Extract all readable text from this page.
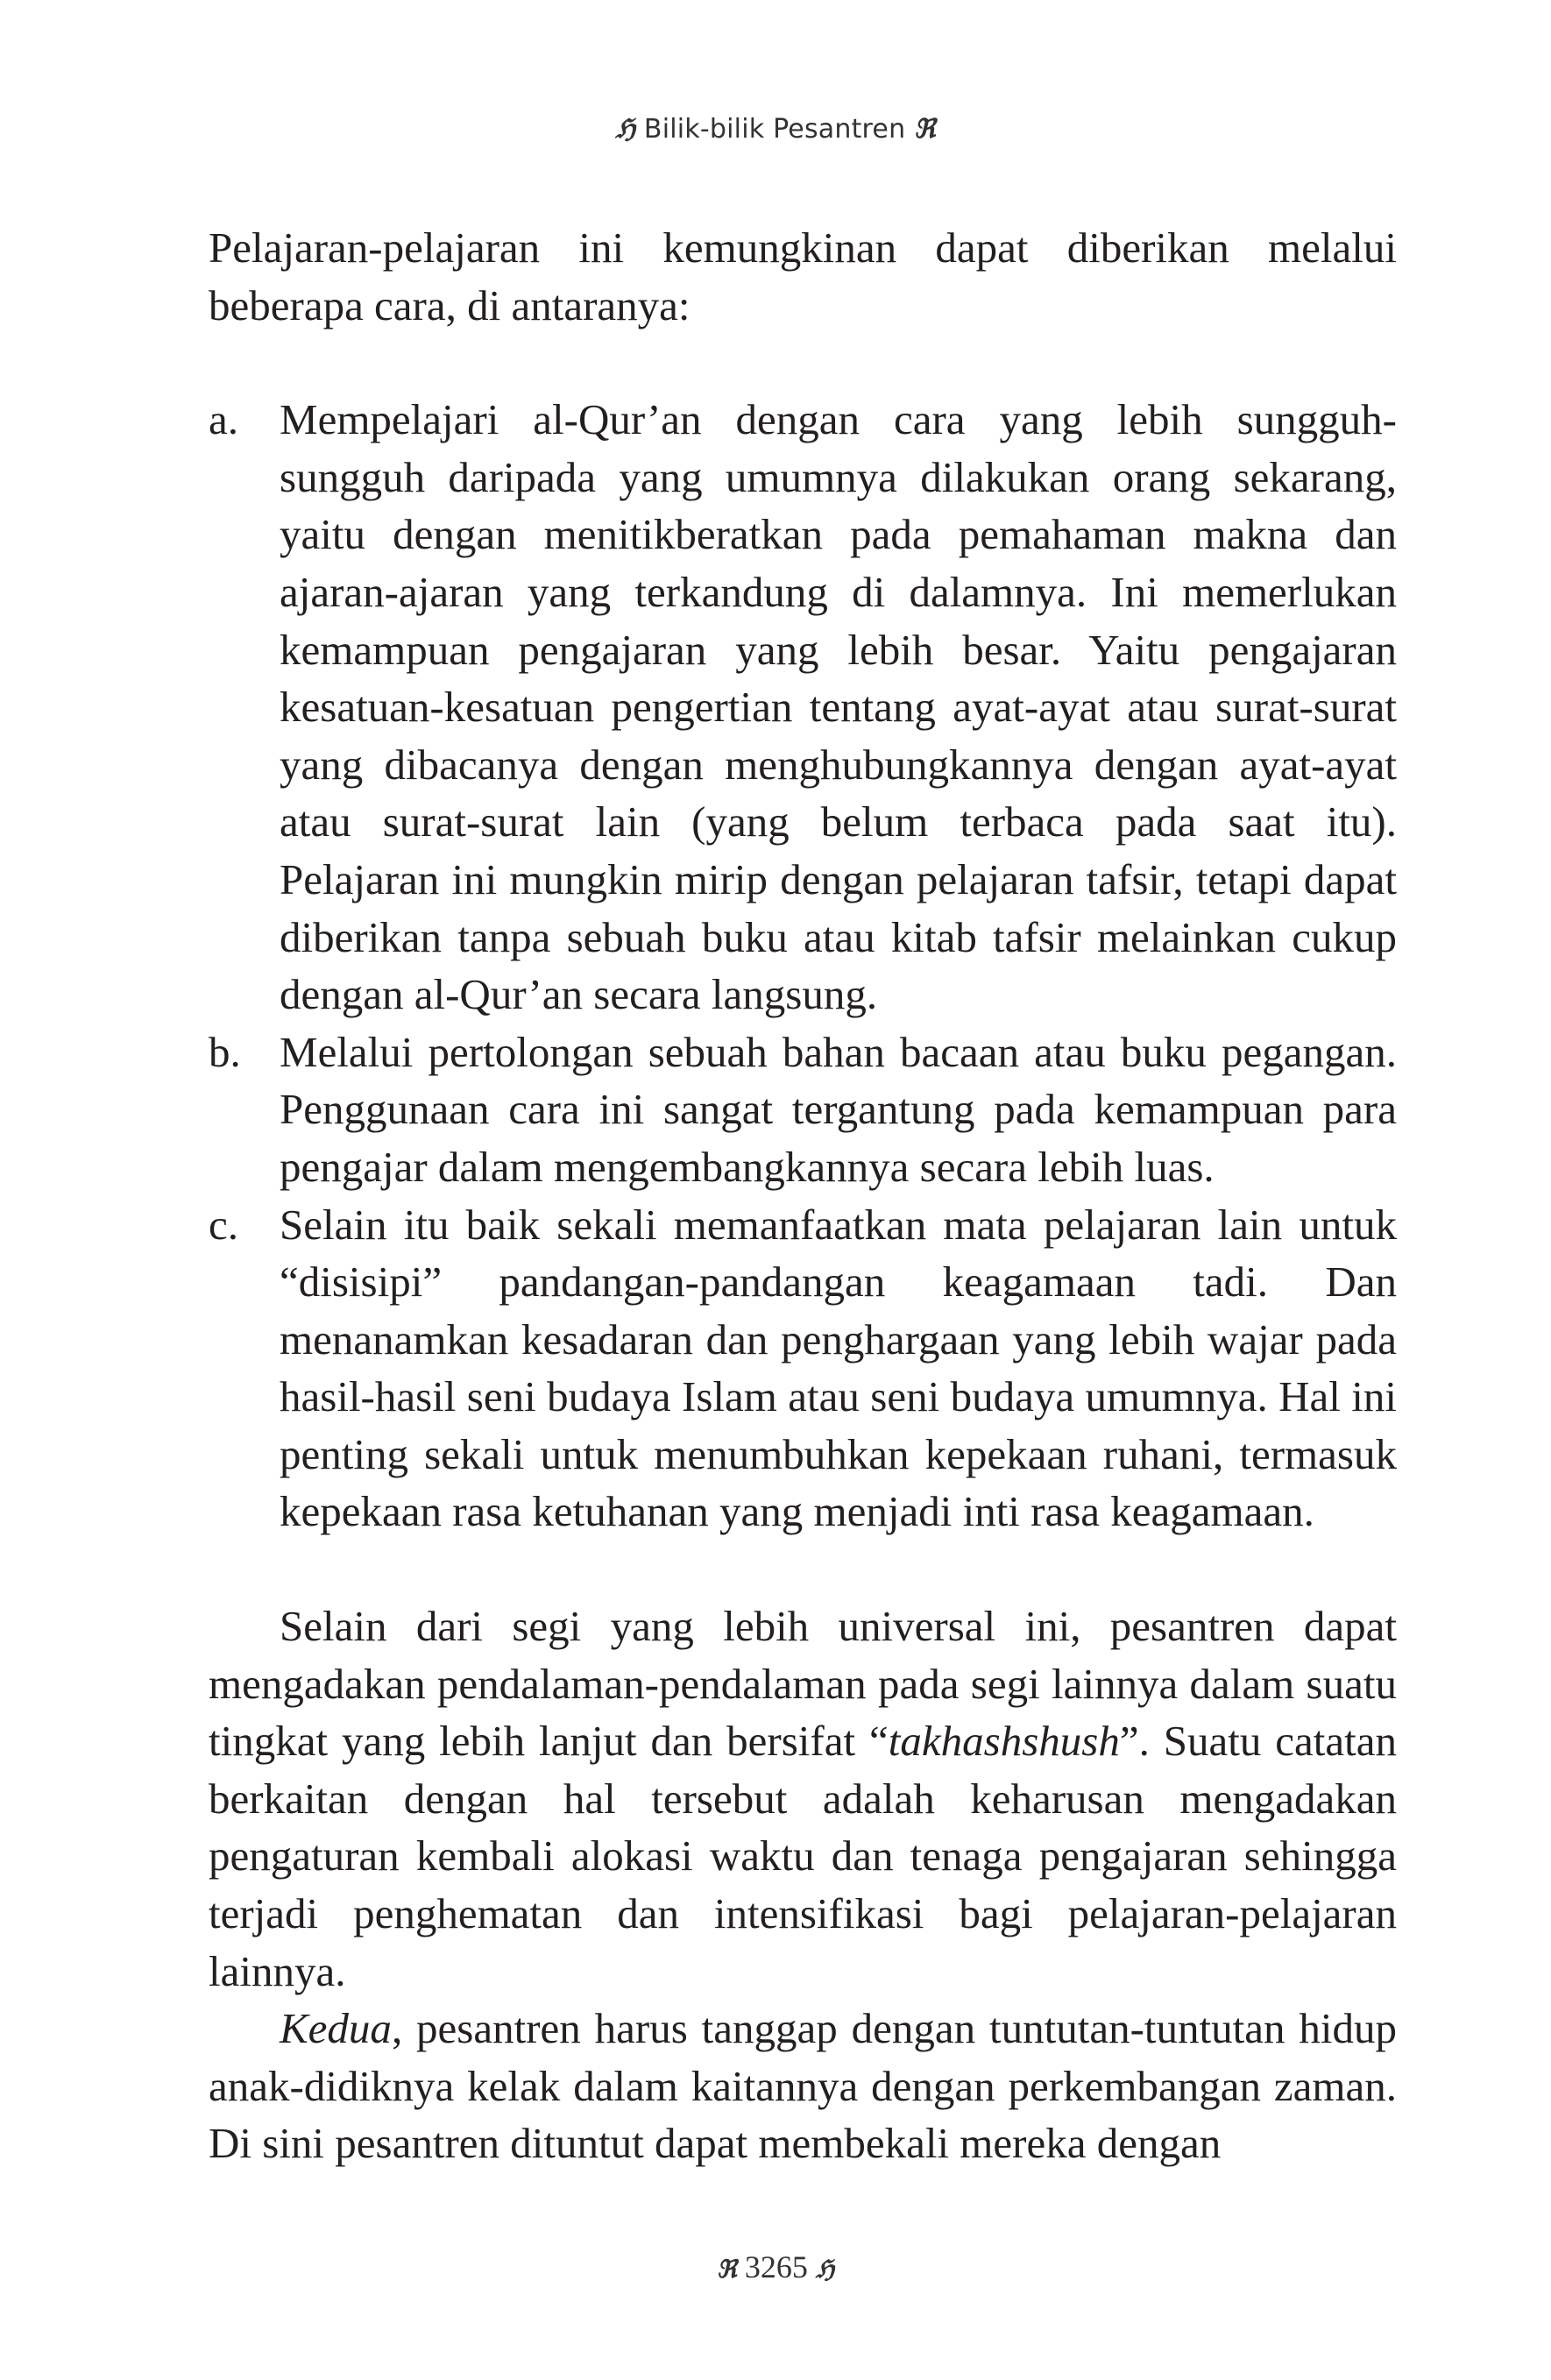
ℌ Bilik-bilik Pesantren ℜ

Pelajaran-pelajaran ini kemungkinan dapat diberikan melalui beberapa cara, di antaranya:

a. Mempelajari al-Qur’an dengan cara yang lebih sungguh-sungguh daripada yang umumnya dilakukan orang sekarang, yaitu dengan menitikberatkan pada pemahaman makna dan ajaran-ajaran yang terkandung di dalamnya. Ini memerlukan kemampuan pengajaran yang lebih besar. Yaitu pengajaran kesatuan-kesatuan pengertian tentang ayat-ayat atau surat-surat yang dibacanya dengan menghubungkannya dengan ayat-ayat atau surat-surat lain (yang belum terbaca pada saat itu). Pelajaran ini mungkin mirip dengan pelajaran tafsir, tetapi dapat diberikan tanpa sebuah buku atau kitab tafsir melainkan cukup dengan al-Qur’an secara langsung.
b. Melalui pertolongan sebuah bahan bacaan atau buku pegangan. Penggunaan cara ini sangat tergantung pada kemampuan para pengajar dalam mengembangkannya secara lebih luas.
c. Selain itu baik sekali memanfaatkan mata pelajaran lain untuk “disisipi” pandangan-pandangan keagamaan tadi. Dan menanamkan kesadaran dan penghargaan yang lebih wajar pada hasil-hasil seni budaya Islam atau seni budaya umumnya. Hal ini penting sekali untuk menumbuhkan kepekaan ruhani, termasuk kepekaan rasa ketuhanan yang menjadi inti rasa keagamaan.

Selain dari segi yang lebih universal ini, pesantren dapat mengadakan pendalaman-pendalaman pada segi lainnya dalam suatu tingkat yang lebih lanjut dan bersifat “takhashshush”. Suatu catatan berkaitan dengan hal tersebut adalah keharusan mengadakan pengaturan kembali alokasi waktu dan tenaga pengajaran sehingga terjadi penghematan dan intensifikasi bagi pelajaran-pelajaran lainnya.

Kedua, pesantren harus tanggap dengan tuntutan-tuntutan hidup anak-didiknya kelak dalam kaitannya dengan perkembangan zaman. Di sini pesantren dituntut dapat membekali mereka dengan

ℜ 3265 ℌ
